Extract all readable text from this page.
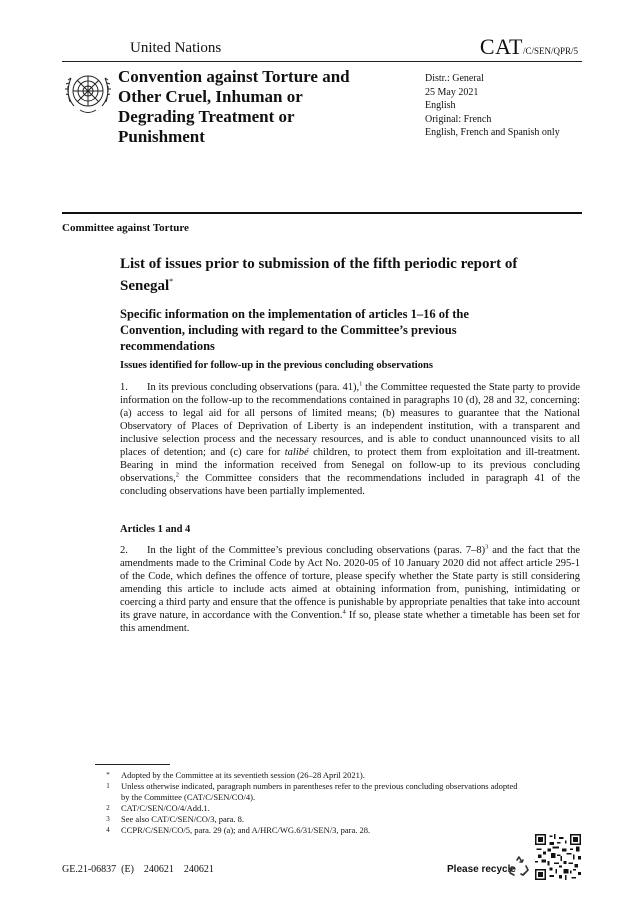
United Nations	CAT/C/SEN/QPR/5
Convention against Torture and Other Cruel, Inhuman or Degrading Treatment or Punishment
Distr.: General
25 May 2021
English
Original: French
English, French and Spanish only
Committee against Torture
List of issues prior to submission of the fifth periodic report of Senegal*
Specific information on the implementation of articles 1–16 of the Convention, including with regard to the Committee’s previous recommendations
Issues identified for follow-up in the previous concluding observations
1. In its previous concluding observations (para. 41),$^1$ the Committee requested the State party to provide information on the follow-up to the recommendations contained in paragraphs 10 (d), 28 and 32, concerning: (a) access to legal aid for all persons of limited means; (b) measures to guarantee that the National Observatory of Places of Deprivation of Liberty is an independent institution, with a transparent and inclusive selection process and the necessary resources, and is able to conduct unannounced visits to all places of detention; and (c) care for talibé children, to protect them from exploitation and ill-treatment. Bearing in mind the information received from Senegal on follow-up to its previous concluding observations,$^2$ the Committee considers that the recommendations included in paragraph 41 of the concluding observations have been partially implemented.
Articles 1 and 4
2. In the light of the Committee’s previous concluding observations (paras. 7–8)$^3$ and the fact that the amendments made to the Criminal Code by Act No. 2020-05 of 10 January 2020 did not affect article 295-1 of the Code, which defines the offence of torture, please specify whether the State party is still considering amending this article to include acts aimed at obtaining information from, punishing, intimidating or coercing a third party and ensure that the offence is punishable by appropriate penalties that take into account its grave nature, in accordance with the Convention.$^4$ If so, please state whether a timetable has been set for this amendment.
*	Adopted by the Committee at its seventieth session (26–28 April 2021).
1	Unless otherwise indicated, paragraph numbers in parentheses refer to the previous concluding observations adopted by the Committee (CAT/C/SEN/CO/4).
2	CAT/C/SEN/CO/4/Add.1.
3	See also CAT/C/SEN/CO/3, para. 8.
4	CCPR/C/SEN/CO/5, para. 29 (a); and A/HRC/WG.6/31/SEN/3, para. 28.
GE.21-06837  (E)    240621    240621	Please recycle
